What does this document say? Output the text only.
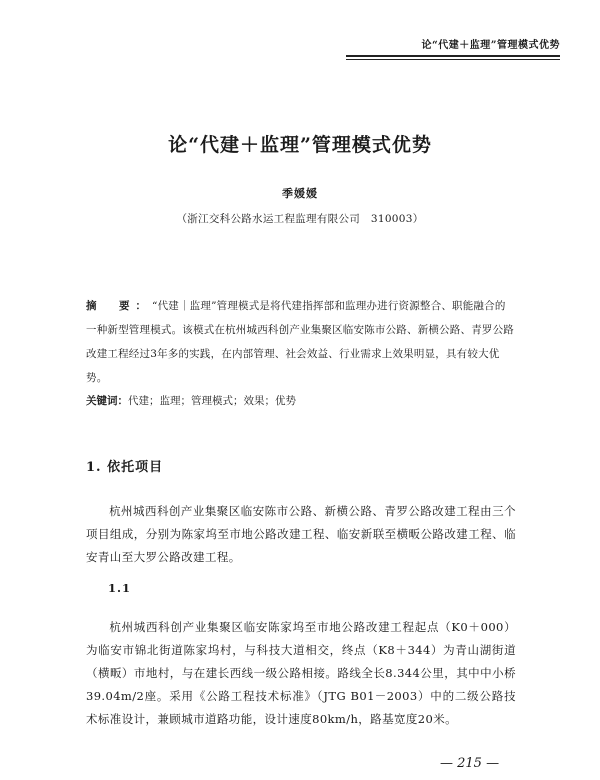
论“代建＋监理”管理模式优势
论“代建＋监理”管理模式优势
季媛媛
（浙江交科公路水运工程监理有限公司　310003）
摘　要：“代建｜监理”管理模式是将代建指挥部和监理办进行资源整合、职能融合的一种新型管理模式。该模式在杭州城西科创产业集聚区临安陈市公路、新横公路、青罗公路改建工程经过3年多的实践，在内部管理、社会效益、行业需求上效果明显，具有较大优势。
关键词：代建；监理；管理模式；效果；优势
1. 依托项目
杭州城西科创产业集聚区临安陈市公路、新横公路、青罗公路改建工程由三个项目组成，分别为陈家坞至市地公路改建工程、临安新联至横畈公路改建工程、临安青山至大罗公路改建工程。
1.1
杭州城西科创产业集聚区临安陈家坞至市地公路改建工程起点（K0＋000）为临安市锦北街道陈家坞村，与科技大道相交，终点（K8＋344）为青山湖街道（横畈）市地村，与在建长西线一级公路相接。路线全长8.344公里，其中中小桥39.04m/2座。采用《公路工程技术标准》（JTG B01－2003）中的二级公路技术标准设计，兼顾城市道路功能，设计速度80km/h，路基宽度20米。
— 215 —
